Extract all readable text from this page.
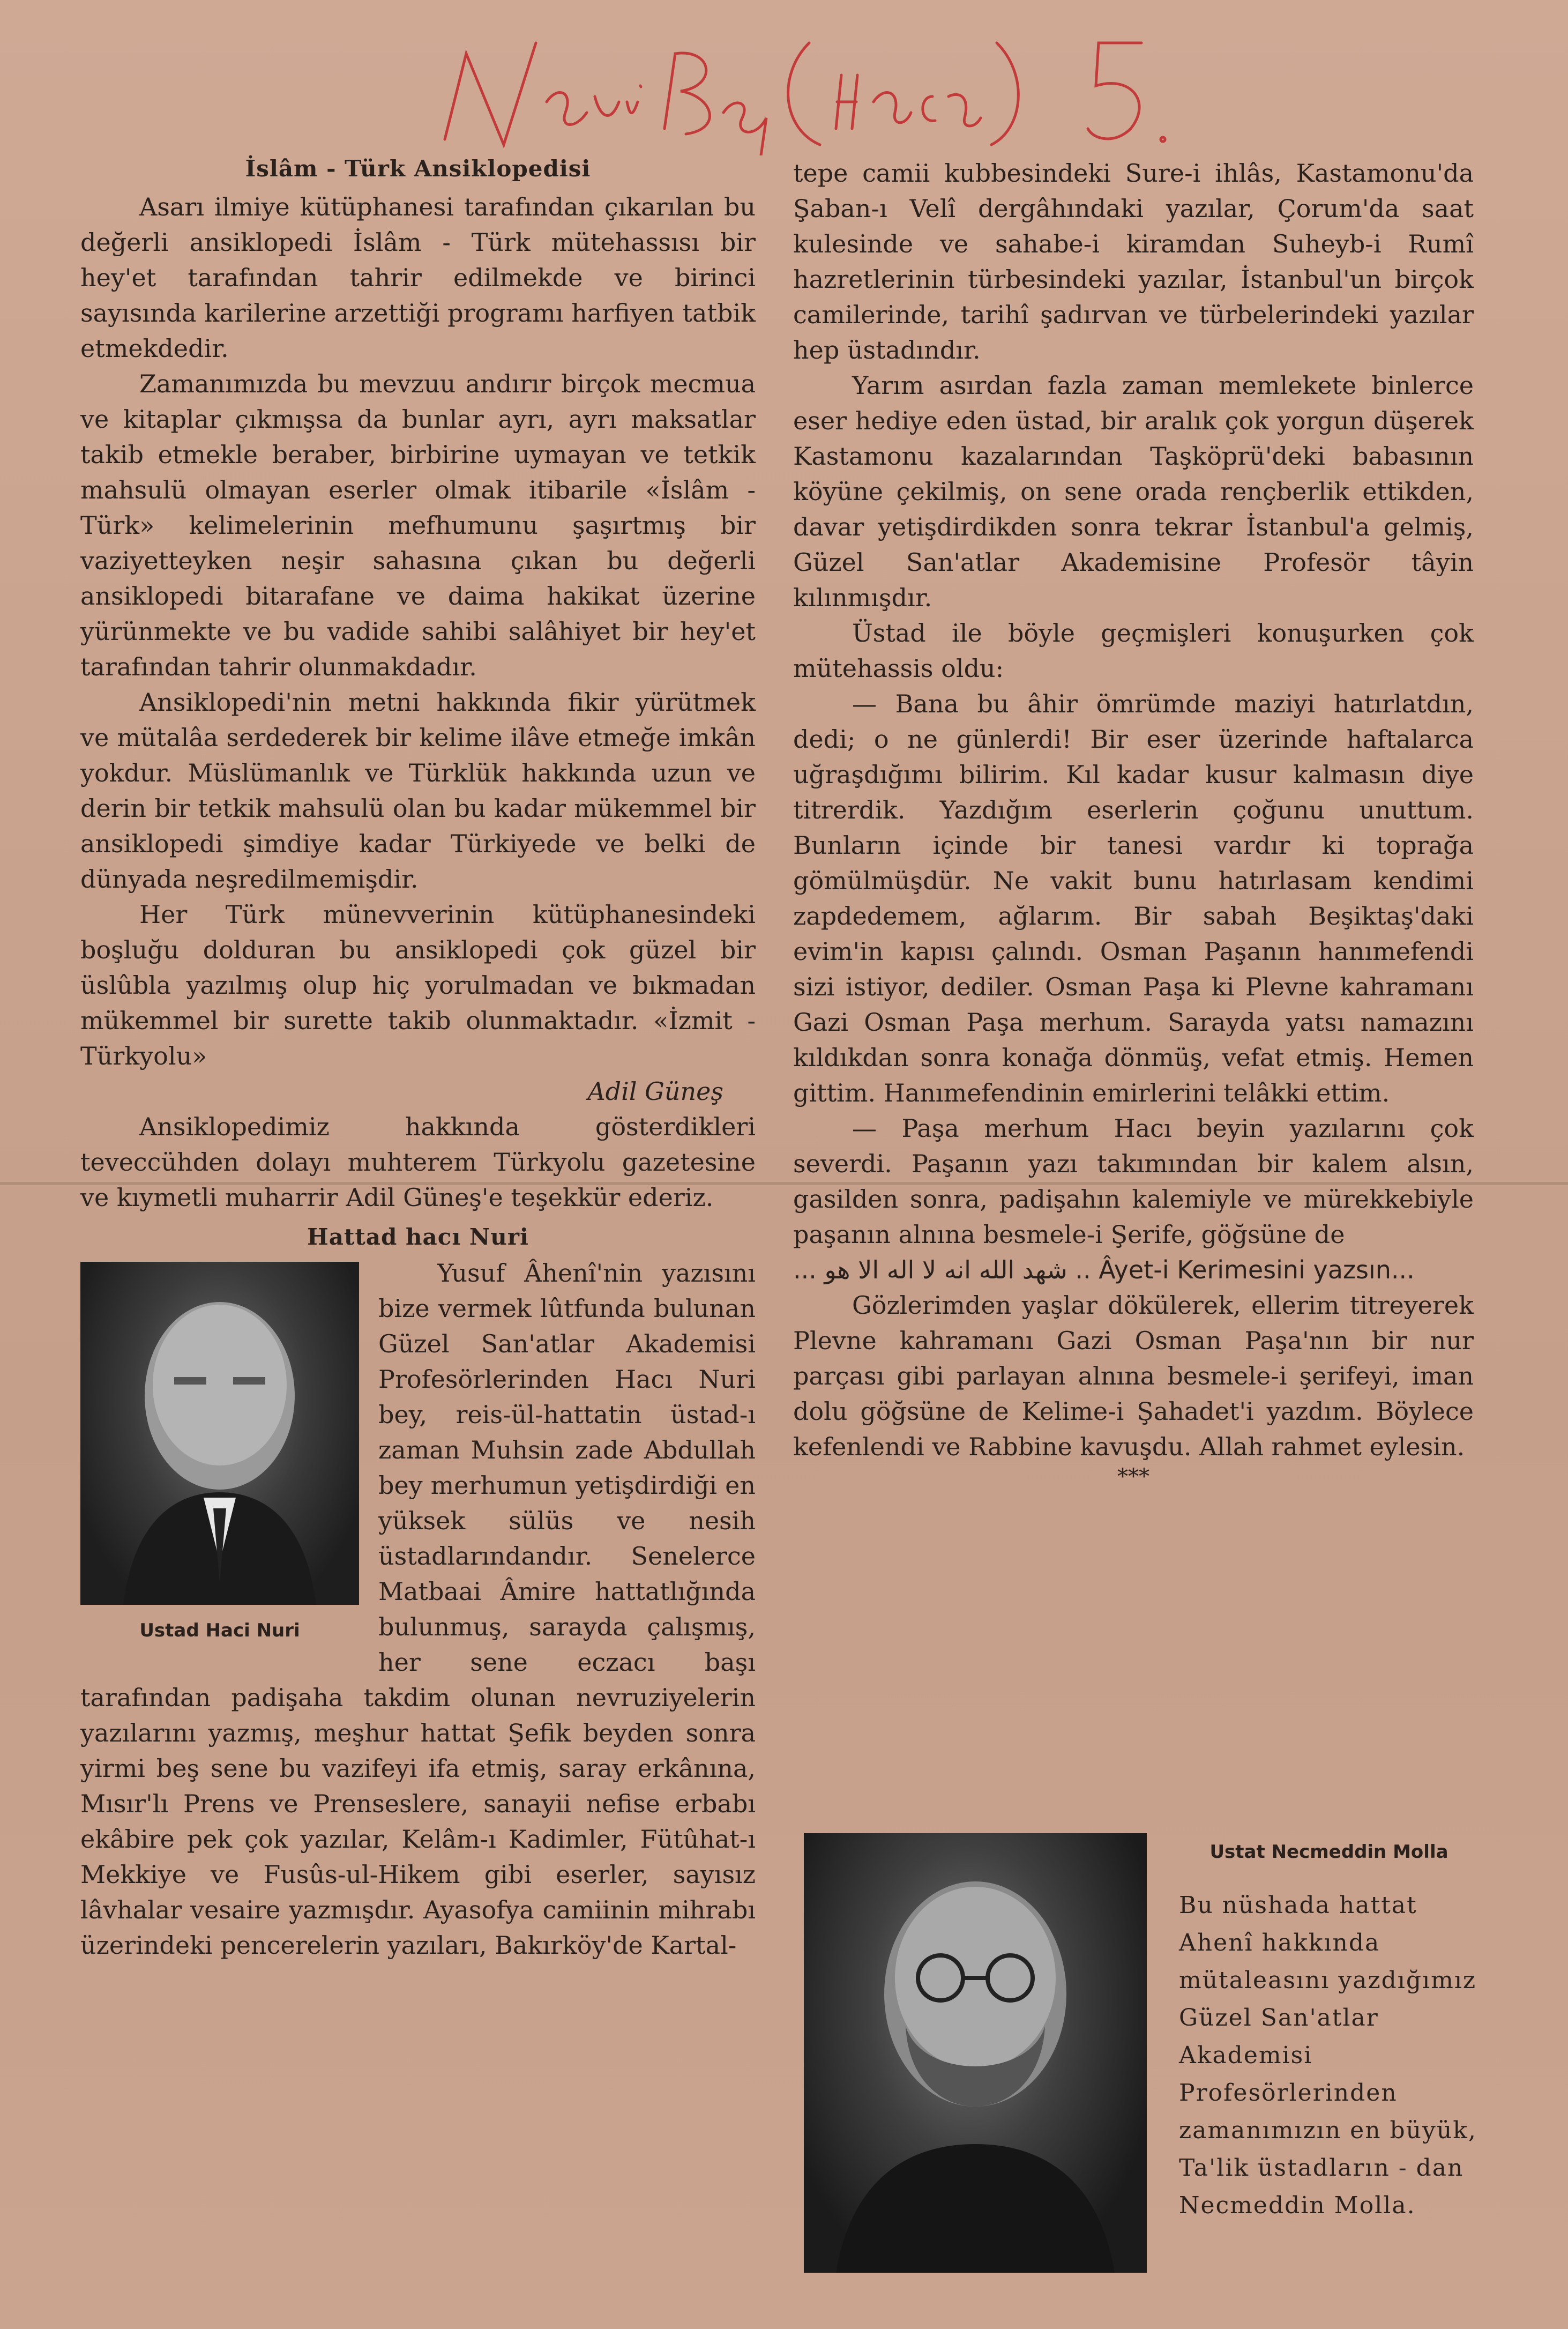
İslâm - Türk Ansiklopedisi

Asarı ilmiye kütüphanesi tarafından çıkarılan bu değerli ansiklopedi İslâm - Türk mütehassısı bir hey'et tarafından tahrir edilmekde ve birinci sayısında karilerine arzettiği programı harfiyen tatbik etmekdedir.

Zamanımızda bu mevzuu andırır birçok mecmua ve kitaplar çıkmışsa da bunlar ayrı, ayrı maksatlar takib etmekle beraber, birbirine uymayan ve tetkik mahsulü olmayan eserler olmak itibarile «İslâm - Türk» kelimelerinin mefhumunu şaşırtmış bir vaziyetteyken neşir sahasına çıkan bu değerli ansiklopedi bitarafane ve daima hakikat üzerine yürünmekte ve bu vadide sahibi salâhiyet bir hey'et tarafından tahrir olunmakdadır.

Ansiklopedi'nin metni hakkında fikir yürütmek ve mütalâa serdederek bir kelime ilâve etmeğe imkân yokdur. Müslümanlık ve Türklük hakkında uzun ve derin bir tetkik mahsulü olan bu kadar mükemmel bir ansiklopedi şimdiye kadar Türkiyede ve belki de dünyada neşredilmemişdir.

Her Türk münevverinin kütüphanesindeki boşluğu dolduran bu ansiklopedi çok güzel bir üslûbla yazılmış olup hiç yorulmadan ve bıkmadan mükemmel bir surette takib olunmaktadır. «İzmit - Türkyolu»

Adil Güneş

Ansiklopedimiz hakkında gösterdikleri teveccühden dolayı muhterem Türkyolu gazetesine ve kıymetli muharrir Adil Güneş'e teşekkür ederiz.

Hattad hacı Nuri

Ustad Haci Nuri

Yusuf Âhenî'nin yazısını bize vermek lûtfunda bulunan Güzel San'atlar Akademisi Profesörlerinden Hacı Nuri bey, reis-ül-hattatin üstad-ı zaman Muhsin zade Abdullah bey merhumun yetişdirdiği en yüksek sülüs ve nesih üstadlarındandır. Senelerce Matbaai Âmire hattatlığında bulunmuş, sarayda çalışmış, her sene eczacı başı tarafından padişaha takdim olunan nevruziyelerin yazılarını yazmış, meşhur hattat Şefik beyden sonra yirmi beş sene bu vazifeyi ifa etmiş, saray erkânına, Mısır'lı Prens ve Prenseslere, sanayii nefise erbabı ekâbire pek çok yazılar, Kelâm-ı Kadimler, Fütûhat-ı Mekkiye ve Fusûs-ul-Hikem gibi eserler, sayısız lâvhalar vesaire yazmışdır. Ayasofya camiinin mihrabı üzerindeki pencerelerin yazıları, Bakırköy'de Kartal-

tepe camii kubbesindeki Sure-i ihlâs, Kastamonu'da Şaban-ı Velî dergâhındaki yazılar, Çorum'da saat kulesinde ve sahabe-i kiramdan Suheyb-i Rumî hazretlerinin türbesindeki yazılar, İstanbul'un birçok camilerinde, tarihî şadırvan ve türbelerindeki yazılar hep üstadındır.

Yarım asırdan fazla zaman memlekete binlerce eser hediye eden üstad, bir aralık çok yorgun düşerek Kastamonu kazalarından Taşköprü'deki babasının köyüne çekilmiş, on sene orada rençberlik ettikden, davar yetişdirdikden sonra tekrar İstanbul'a gelmiş, Güzel San'atlar Akademisine Profesör tâyin kılınmışdır.

Üstad ile böyle geçmişleri konuşurken çok mütehassis oldu:

— Bana bu âhir ömrümde maziyi hatırlatdın, dedi; o ne günlerdi! Bir eser üzerinde haftalarca uğraşdığımı bilirim. Kıl kadar kusur kalmasın diye titrerdik. Yazdığım eserlerin çoğunu unuttum. Bunların içinde bir tanesi vardır ki toprağa gömülmüşdür. Ne vakit bunu hatırlasam kendimi zapdedemem, ağlarım. Bir sabah Beşiktaş'daki evim'in kapısı çalındı. Osman Paşanın hanımefendi sizi istiyor, dediler. Osman Paşa ki Plevne kahramanı Gazi Osman Paşa merhum. Sarayda yatsı namazını kıldıkdan sonra konağa dönmüş, vefat etmiş. Hemen gittim. Hanımefendinin emirlerini telâkki ettim.

— Paşa merhum Hacı beyin yazılarını çok severdi. Paşanın yazı takımından bir kalem alsın, gasilden sonra, padişahın kalemiyle ve mürekkebiyle paşanın alnına besmele-i Şerife, göğsüne de

... شهد الله انه لا اله الا هو .. Âyet-i Kerimesini yazsın...

Gözlerimden yaşlar dökülerek, ellerim titreyerek Plevne kahramanı Gazi Osman Paşa'nın bir nur parçası gibi parlayan alnına besmele-i şerifeyi, iman dolu göğsüne de Kelime-i Şahadet'i yazdım. Böylece kefenlendi ve Rabbine kavuşdu. Allah rahmet eylesin.

***

Ustat Necmeddin Molla
Bu nüshada hattat Ahenî hakkında mütaleasını yazdığımız Güzel San'atlar Akademisi Profesörlerinden zamanımızın en büyük, Ta'lik üstadların - dan Necmeddin Molla.
